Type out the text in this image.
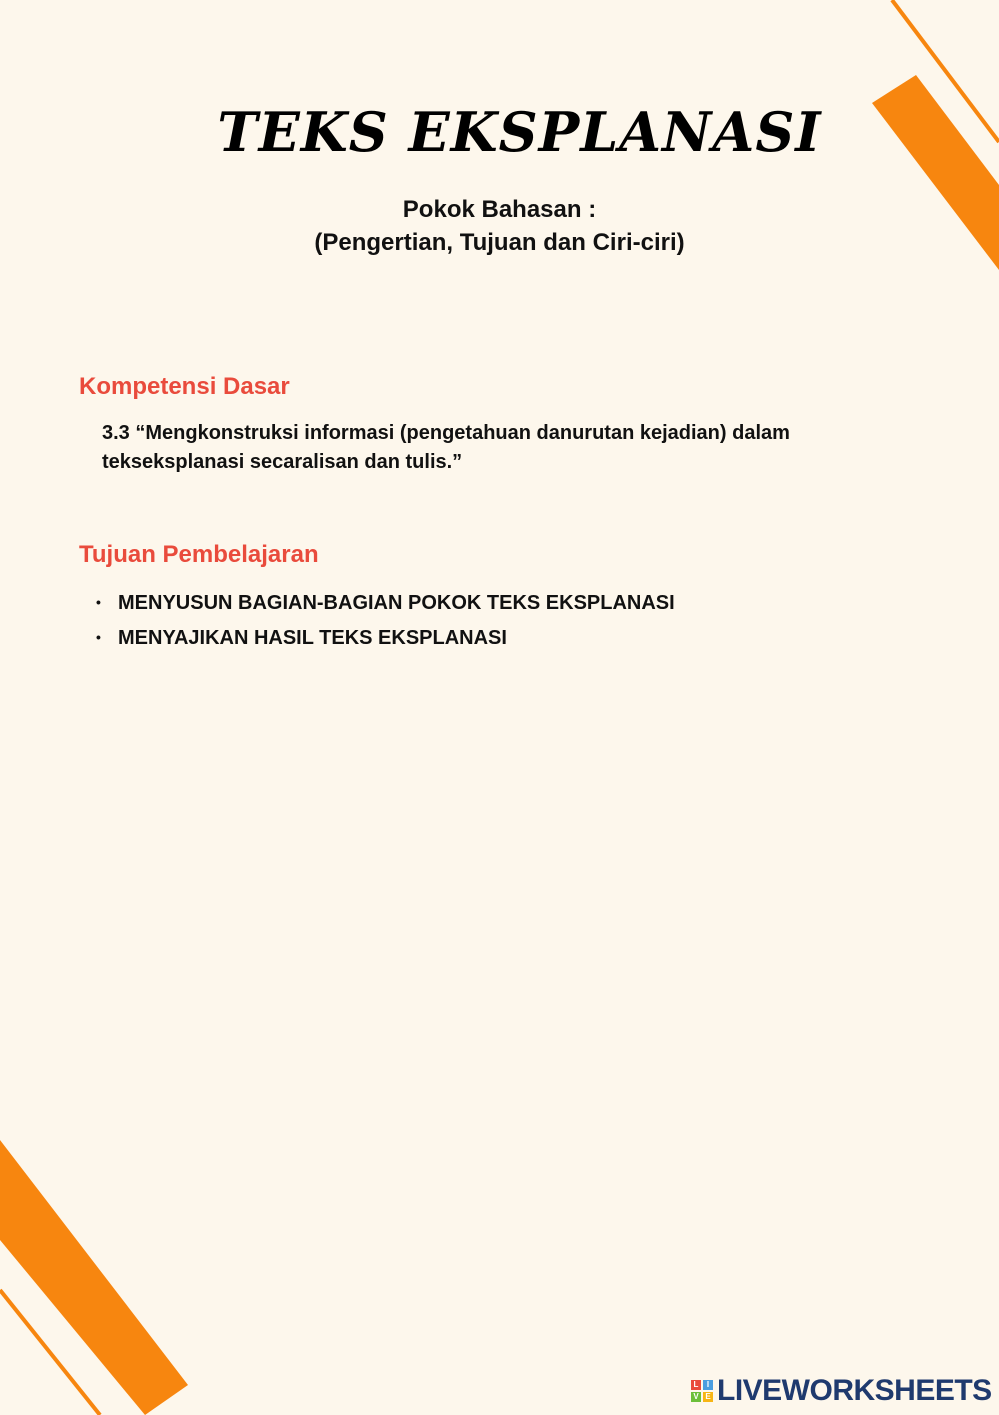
TEKS EKSPLANASI
Pokok Bahasan :
(Pengertian, Tujuan dan Ciri-ciri)
Kompetensi Dasar
3.3 “Mengkonstruksi informasi (pengetahuan danurutan kejadian) dalam
tekseksplanasi secaralisan dan tulis.”
Tujuan Pembelajaran
• MENYUSUN BAGIAN-BAGIAN POKOK TEKS EKSPLANASI
• MENYAJIKAN HASIL TEKS EKSPLANASI
L	I
V E LIVEWORKSHEETS
